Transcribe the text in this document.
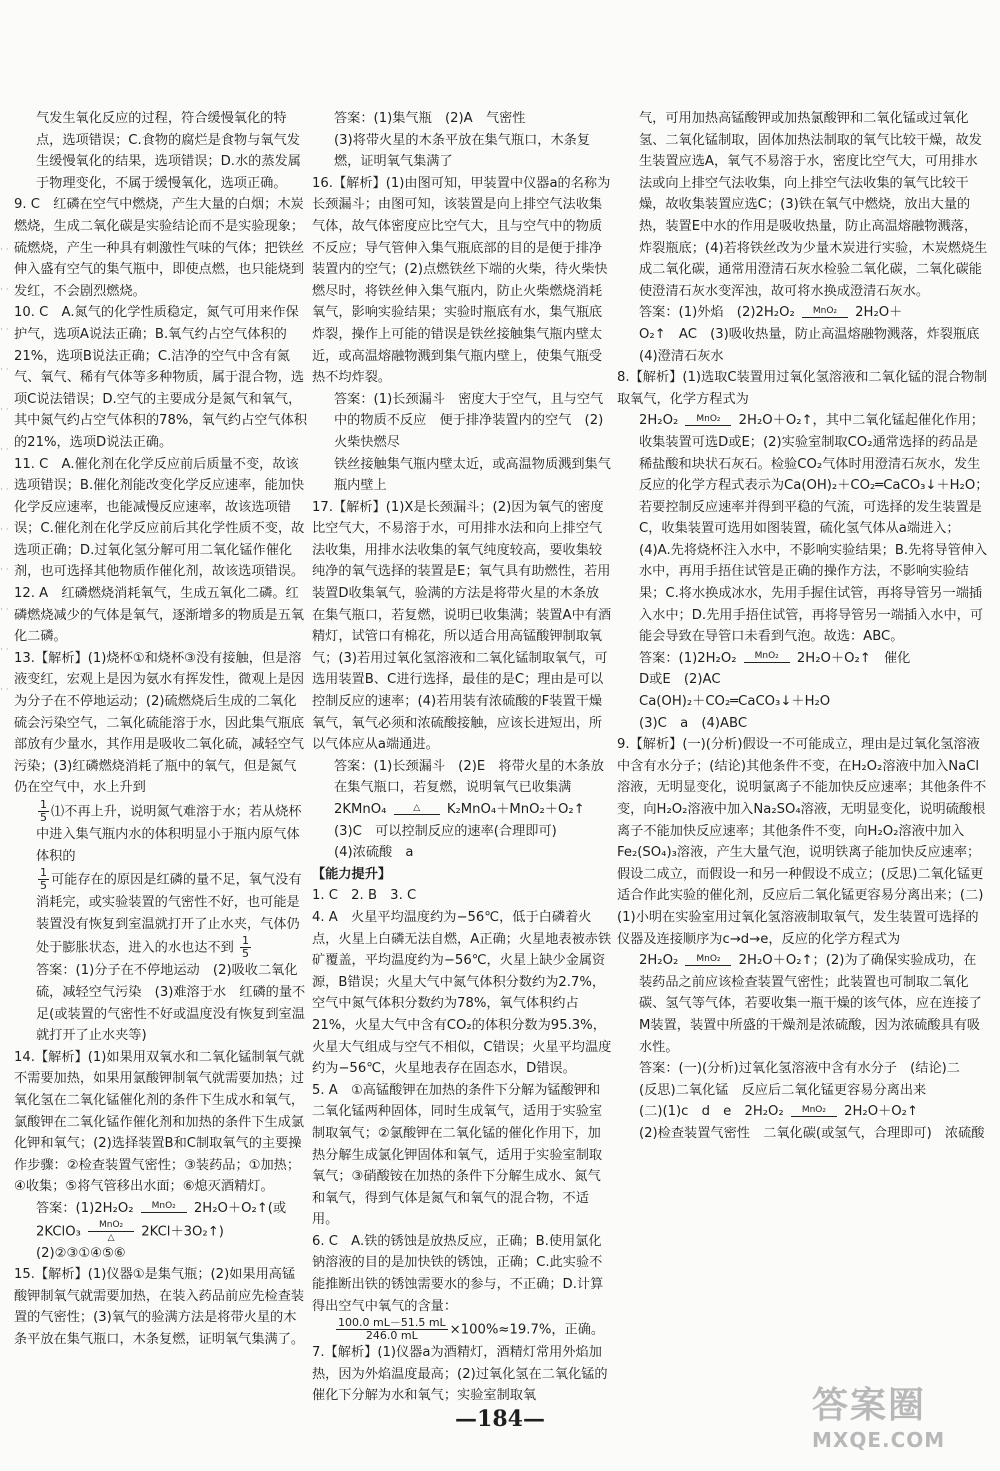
· · · · · · · · · · · · · · · · · · · · · · · ·

气发生氧化反应的过程，符合缓慢氧化的特点，选项错误；C.食物的腐烂是食物与氧气发生缓慢氧化的结果，选项错误；D.水的蒸发属于物理变化，不属于缓慢氧化，选项正确。

9. C　红磷在空气中燃烧，产生大量的白烟；木炭燃烧，生成二氧化碳是实验结论而不是实验现象；硫燃烧，产生一种具有刺激性气味的气体；把铁丝伸入盛有空气的集气瓶中，即使点燃，也只能烧到发红，不会剧烈燃烧。

10. C　A.氮气的化学性质稳定，氮气可用来作保护气，选项A说法正确；B.氧气约占空气体积的21%，选项B说法正确；C.洁净的空气中含有氮气、氧气、稀有气体等多种物质，属于混合物，选项C说法错误；D.空气的主要成分是氮气和氧气，其中氮气约占空气体积的78%，氧气约占空气体积的21%，选项D说法正确。

11. C　A.催化剂在化学反应前后质量不变，故该选项错误；B.催化剂能改变化学反应速率，能加快化学反应速率，也能减慢反应速率，故该选项错误；C.催化剂在化学反应前后其化学性质不变，故选项正确；D.过氧化氢分解可用二氧化锰作催化剂，也可选择其他物质作催化剂，故该选项错误。

12. A　红磷燃烧消耗氧气，生成五氧化二磷。红磷燃烧减少的气体是氧气，逐渐增多的物质是五氧化二磷。

13.【解析】(1)烧杯①和烧杯③没有接触，但是溶液变红，宏观上是因为氨水有挥发性，微观上是因为分子在不停地运动；(2)硫燃烧后生成的二氧化硫会污染空气，二氧化硫能溶于水，因此集气瓶底部放有少量水，其作用是吸收二氧化硫，减轻空气污染；(3)红磷燃烧消耗了瓶中的氧气，但是氮气仍在空气中，水上升到

$\frac{1}{5}$ ⑴不再上升，说明氮气难溶于水；若从烧杯中进入集气瓶内水的体积明显小于瓶内原气体体积的

$\frac{1}{5}$ 可能存在的原因是红磷的量不足，氧气没有消耗完，或实验装置的气密性不好，也可能是装置没有恢复到室温就打开了止水夹，气体仍处于膨胀状态，进入的水也达不到 $\frac{1}{5}$

答案：(1)分子在不停地运动　(2)吸收二氧化硫，减轻空气污染　(3)难溶于水　红磷的量不足(或装置的气密性不好或温度没有恢复到室温就打开了止水夹等)

14.【解析】(1)如果用双氧水和二氧化锰制氧气就不需要加热，如果用氯酸钾制氧气就需要加热；过氧化氢在二氧化锰催化剂的条件下生成水和氧气，氯酸钾在二氧化锰作催化剂和加热的条件下生成氯化钾和氧气；(2)选择装置B和C制取氧气的主要操作步骤：②检查装置气密性；③装药品；①加热；④收集；⑤将气管移出水面；⑥熄灭酒精灯。

答案：(1)2H₂O₂	MnO₂	2H₂O＋O₂↑(或

2KClO₃	MnO₂
△	2KCl＋3O₂↑)

(2)②③①④⑤⑥

15.【解析】(1)仪器①是集气瓶；(2)如果用高锰酸钾制氧气就需要加热，在装入药品前应先检查装置的气密性；(3)氧气的验满方法是将带火星的木条平放在集气瓶口，木条复燃，证明氧气集满了。

答案：(1)集气瓶　(2)A　气密性

(3)将带火星的木条平放在集气瓶口，木条复燃，证明氧气集满了

16.【解析】(1)由图可知，甲装置中仪器a的名称为长颈漏斗；由图可知，该装置是向上排空气法收集气体，故气体密度应比空气大，且与空气中的物质不反应；导气管伸入集气瓶底部的目的是便于排净装置内的空气；(2)点燃铁丝下端的火柴，待火柴快燃尽时，将铁丝伸入集气瓶内，防止火柴燃烧消耗氧气，影响实验结果；实验时瓶底有水，集气瓶底炸裂，操作上可能的错误是铁丝接触集气瓶内壁太近，或高温熔融物溅到集气瓶内壁上，使集气瓶受热不均炸裂。

答案：(1)长颈漏斗　密度大于空气，且与空气中的物质不反应　便于排净装置内的空气　(2)火柴快燃尽

铁丝接触集气瓶内壁太近，或高温物质溅到集气瓶内壁上

17.【解析】(1)X是长颈漏斗；(2)因为氧气的密度比空气大，不易溶于水，可用排水法和向上排空气法收集，用排水法收集的氧气纯度较高，要收集较纯净的氧气选择的装置是E；氧气具有助燃性，若用装置D收集氧气，验满的方法是将带火星的木条放在集气瓶口，若复燃，说明已收集满；装置A中有酒精灯，试管口有棉花，所以适合用高锰酸钾制取氧气；(3)若用过氧化氢溶液和二氧化锰制取氧气，可选用装置B、C进行选择，最佳的是C；理由是可以控制反应的速率；(4)若用装有浓硫酸的F装置干燥氧气，氧气必须和浓硫酸接触，应该长进短出，所以气体应从a端通进。

答案：(1)长颈漏斗　(2)E　将带火星的木条放在集气瓶口，若复燃，说明氧气已收集满

2KMnO₄	△	K₂MnO₄＋MnO₂＋O₂↑

(3)C　可以控制反应的速率(合理即可)

(4)浓硫酸　a

【能力提升】

1. C　2. B　3. C

4. A　火星平均温度约为−56℃，低于白磷着火点，火星上白磷无法自燃，A正确；火星地表被赤铁矿覆盖，平均温度约为−56℃，火星上缺少金属资源，B错误；火星大气中氮气体积分数约为2.7%，空气中氮气体积分数约为78%，氧气体积约占21%，火星大气中含有CO₂的体积分数为95.3%，火星大气组成与空气不相似，C错误；火星平均温度约为−56℃，火星地表存在固态水，D错误。

5. A　①高锰酸钾在加热的条件下分解为锰酸钾和二氧化锰两种固体，同时生成氧气，适用于实验室制取氧气；②氯酸钾在二氧化锰的催化作用下，加热分解生成氯化钾固体和氧气，适用于实验室制取氧气；③硝酸铵在加热的条件下分解生成水、氮气和氧气，得到气体是氮气和氧气的混合物，不适用。

6. C　A.铁的锈蚀是放热反应，正确；B.使用氯化钠溶液的目的是加快铁的锈蚀，正确；C.此实验不能推断出铁的锈蚀需要水的参与，不正确；D.计算得出空气中氧气的含量：

$\frac{100.0 mL-51.5 mL}{246.0 mL} \times 100\%\approx 19.7\%$，正确。

7.【解析】(1)仪器a为酒精灯，酒精灯常用外焰加热，因为外焰温度最高；(2)过氧化氢在二氧化锰的催化下分解为水和氧气；实验室制取氧

气，可用加热高锰酸钾或加热氯酸钾和二氧化锰或过氧化氢、二氧化锰制取，固体加热法制取的氧气比较干燥，故发生装置应选A，氧气不易溶于水，密度比空气大，可用排水法或向上排空气法收集，向上排空气法收集的氧气比较干燥，故收集装置应选C；(3)铁在氧气中燃烧，放出大量的热，装置E中水的作用是吸收热量，防止高温熔融物溅落，炸裂瓶底；(4)若将铁丝改为少量木炭进行实验，木炭燃烧生成二氧化碳，通常用澄清石灰水检验二氧化碳，二氧化碳能使澄清石灰水变浑浊，故可将水换成澄清石灰水。

答案：(1)外焰　(2)2H₂O₂	MnO₂	2H₂O＋

O₂↑　AC　(3)吸收热量，防止高温熔融物溅落，炸裂瓶底　(4)澄清石灰水

8.【解析】(1)选取C装置用过氧化氢溶液和二氧化锰的混合物制取氧气，化学方程式为

2H₂O₂	MnO₂	2H₂O＋O₂↑，其中二氧化锰起催化作用；收集装置可选D或E；(2)实验室制取CO₂通常选择的药品是稀盐酸和块状石灰石。检验CO₂气体时用澄清石灰水，发生反应的化学方程式表示为Ca(OH)₂＋CO₂═CaCO₃↓＋H₂O；若要控制反应速率并得到平稳的气流，可选择的发生装置是C，收集装置可选用如图装置，硫化氢气体从a端进入；(4)A.先将烧杯注入水中，不影响实验结果；B.先将导管伸入水中，再用手捂住试管是正确的操作方法，不影响实验结果；C.将水换成冰水，先用手握住试管，再将导管另一端插入水中；D.先用手捂住试管，再将导管另一端插入水中，可能会导致在导管口未看到气泡。故选：ABC。

答案：(1)2H₂O₂	MnO₂	2H₂O＋O₂↑　催化

D或E　(2)AC

Ca(OH)₂＋CO₂═CaCO₃↓＋H₂O

(3)C　a　(4)ABC

9.【解析】(一)(分析)假设一不可能成立，理由是过氧化氢溶液中含有水分子；(结论)其他条件不变，在H₂O₂溶液中加入NaCl溶液，无明显变化，说明氯离子不能加快反应速率；其他条件不变，向H₂O₂溶液中加入Na₂SO₄溶液，无明显变化，说明硫酸根离子不能加快反应速率；其他条件不变，向H₂O₂溶液中加入Fe₂(SO₄)₃溶液，产生大量气泡，说明铁离子能加快反应速率；假设二成立，而假设一和另一种假设不成立；(反思)二氧化锰更适合作此实验的催化剂，反应后二氧化锰更容易分离出来；(二)(1)小明在实验室用过氧化氢溶液制取氧气，发生装置可选择的仪器及连接顺序为c→d→e，反应的化学方程式为

2H₂O₂	MnO₂	2H₂O＋O₂↑；(2)为了确保实验成功，在装药品之前应该检查装置气密性；此装置也可制取二氧化碳、氢气等气体，若要收集一瓶干燥的该气体，应在连接了M装置，装置中所盛的干燥剂是浓硫酸，因为浓硫酸具有吸水性。

答案：(一)(分析)过氧化氢溶液中含有水分子　(结论)二

(反思)二氧化锰　反应后二氧化锰更容易分离出来

(二)(1)c　d　e　2H₂O₂	MnO₂	2H₂O＋O₂↑

(2)检查装置气密性　二氧化碳(或氢气，合理即可)　浓硫酸

—184—	答案圈
MXQE.COM
